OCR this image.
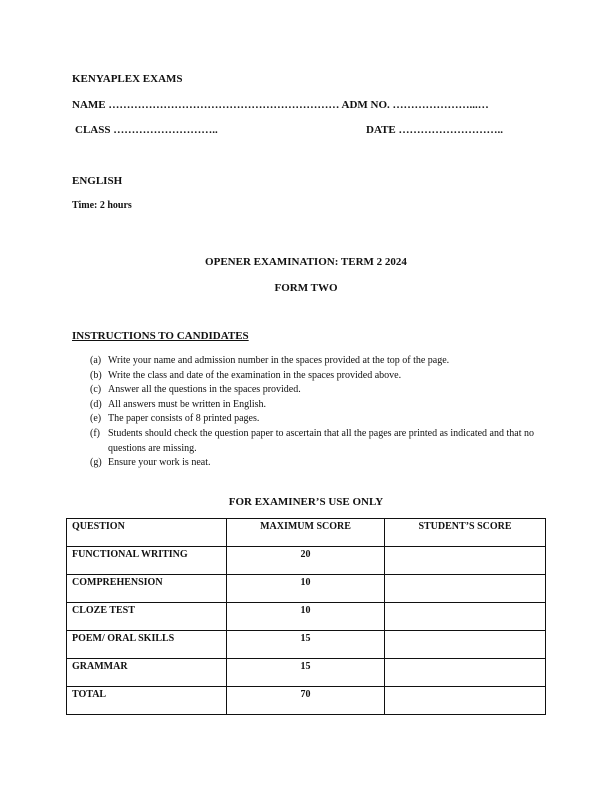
KENYAPLEX EXAMS
NAME ……………………………………………………… ADM NO. …………………...…
CLASS ………………………..	DATE ………………………..
ENGLISH
Time: 2 hours
OPENER EXAMINATION: TERM 2 2024
FORM TWO
INSTRUCTIONS TO CANDIDATES
(a) Write your name and admission number in the spaces provided at the top of the page.
(b) Write the class and date of the examination in the spaces provided above.
(c) Answer all the questions in the spaces provided.
(d) All answers must be written in English.
(e) The paper consists of 8 printed pages.
(f) Students should check the question paper to ascertain that all the pages are printed as indicated and that no questions are missing.
(g) Ensure your work is neat.
FOR EXAMINER’S USE ONLY
QUESTION	MAXIMUM SCORE	STUDENT’S SCORE
FUNCTIONAL WRITING	20	
COMPREHENSION	10	
CLOZE TEST	10	
POEM/ ORAL SKILLS	15	
GRAMMAR	15	
TOTAL	70	
